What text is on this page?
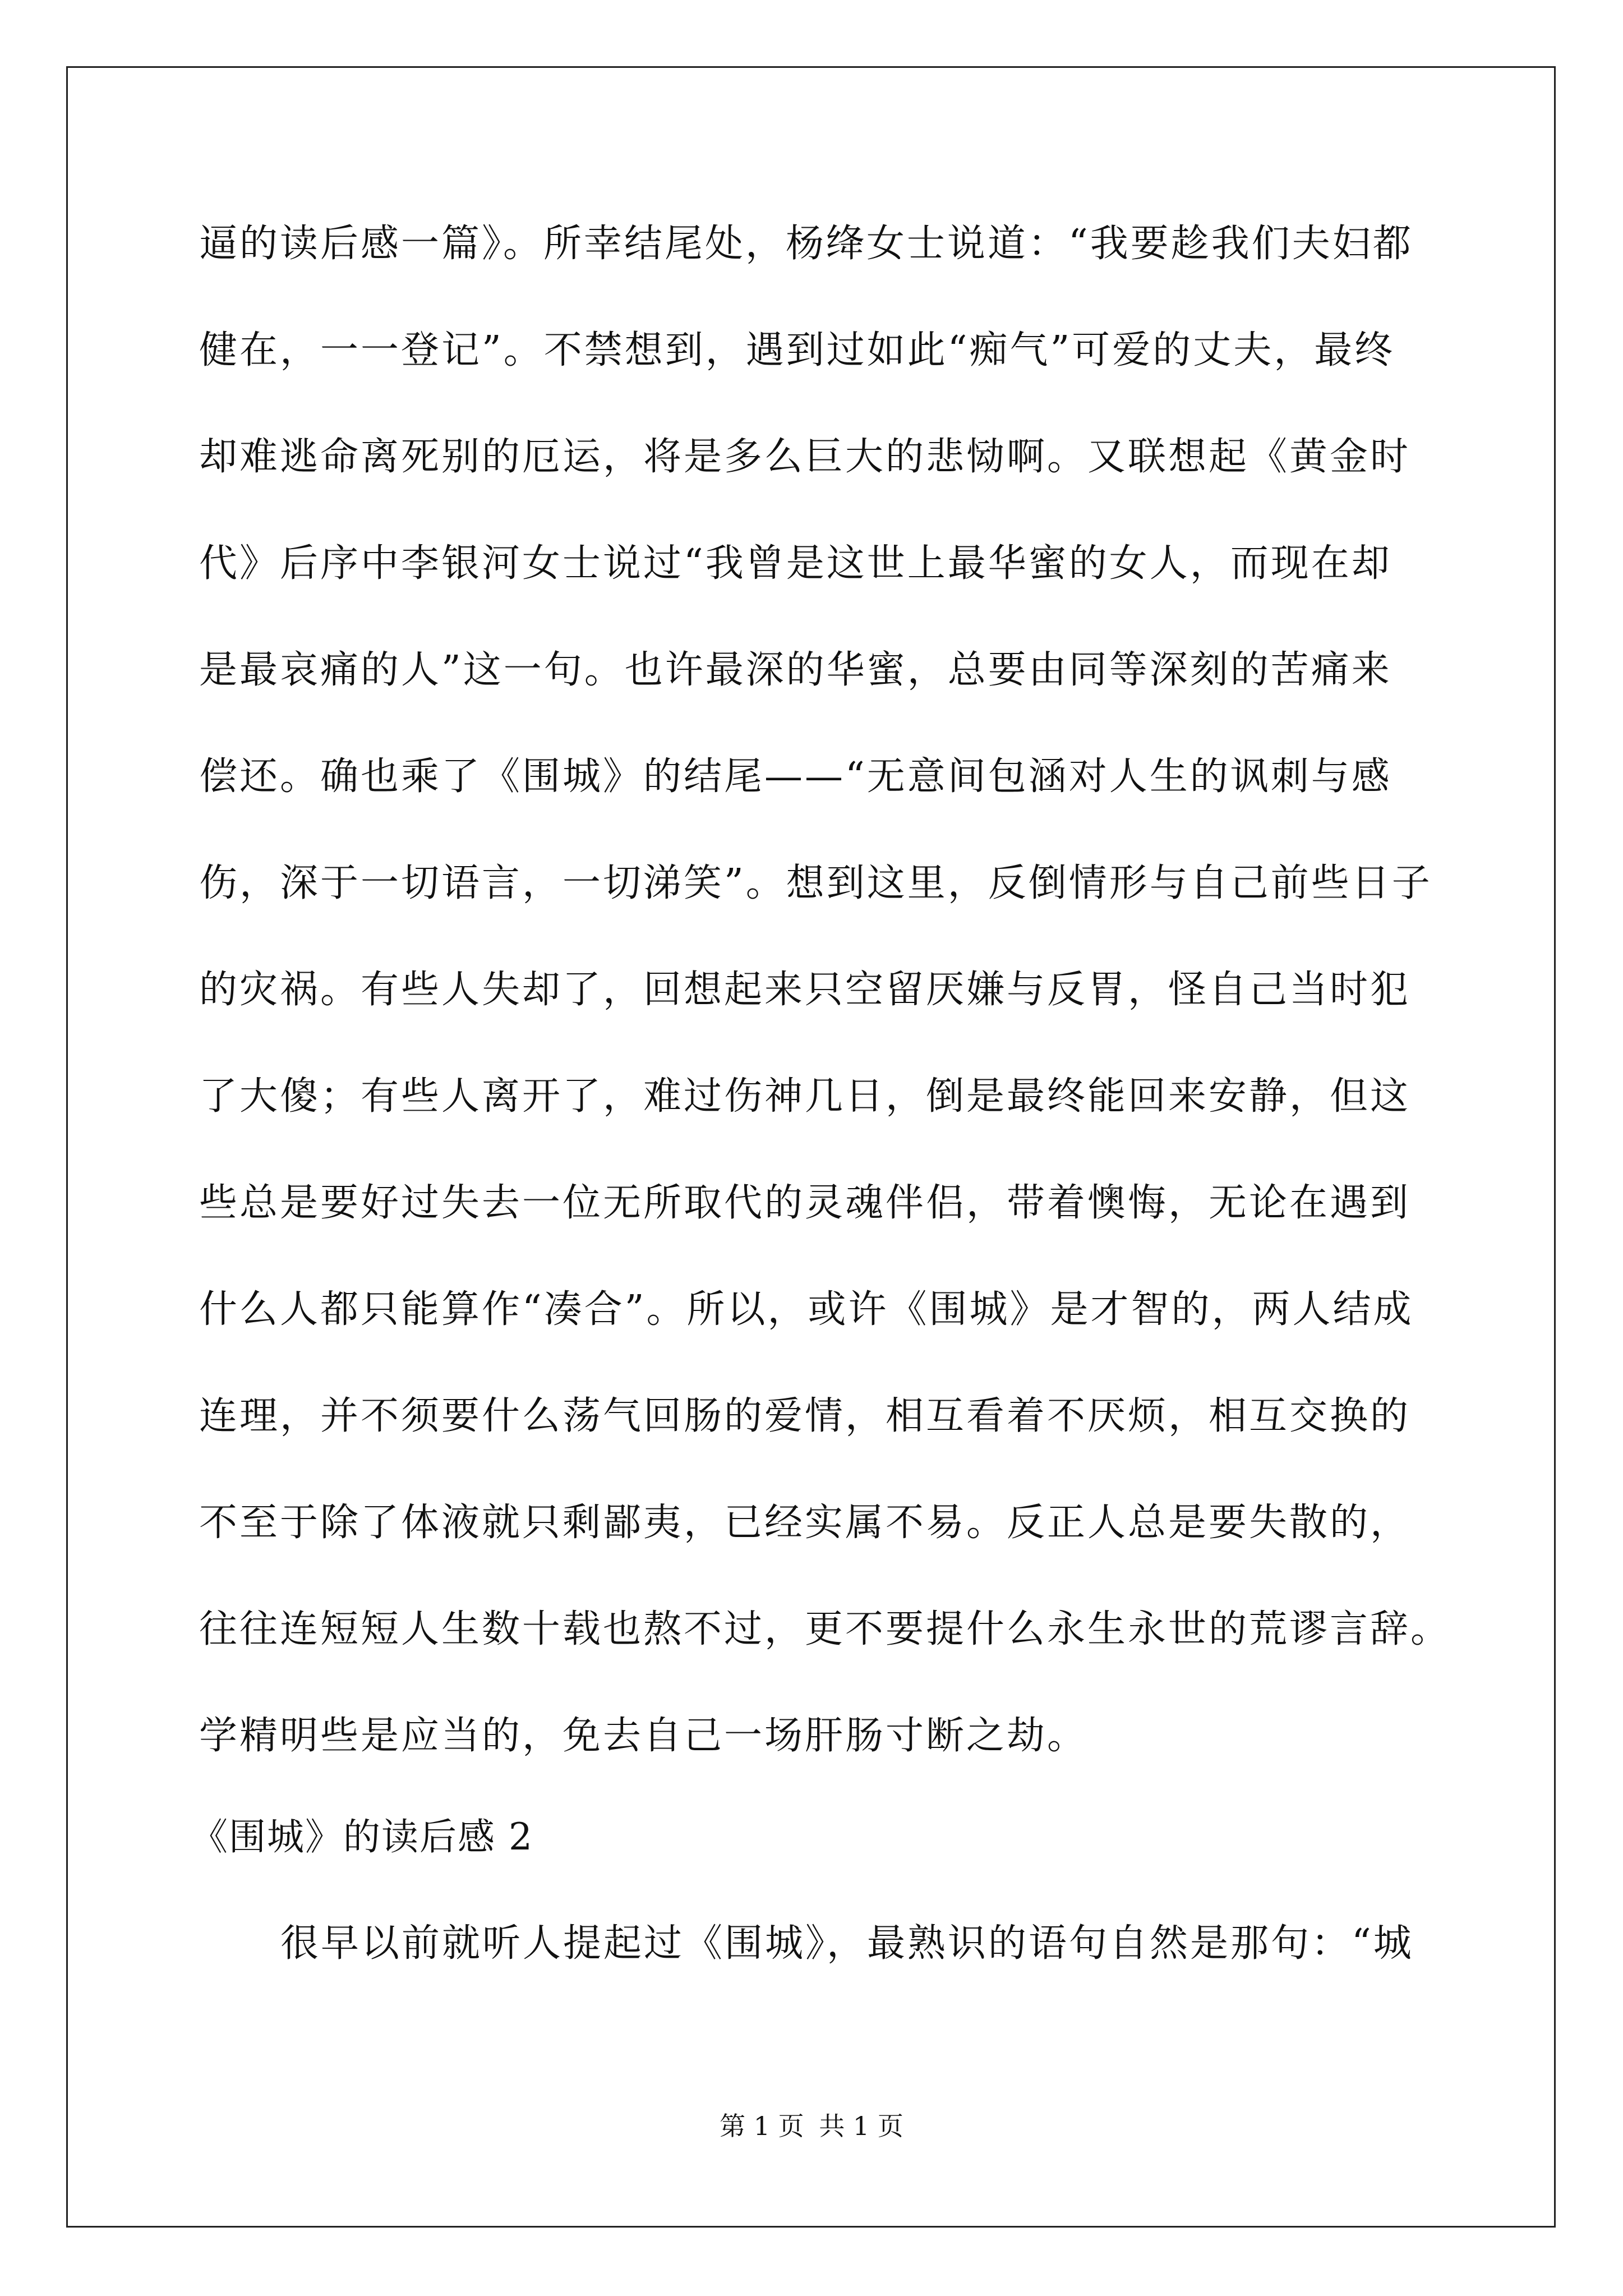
逼的读后感一篇》。所幸结尾处，杨绛女士说道：“我要趁我们夫妇都
健在，一一登记”。不禁想到，遇到过如此“痴气”可爱的丈夫，最终
却难逃命离死别的厄运，将是多么巨大的悲恸啊。又联想起《黄金时
代》后序中李银河女士说过“我曾是这世上最华蜜的女人，而现在却
是最哀痛的人”这一句。也许最深的华蜜，总要由同等深刻的苦痛来
偿还。确也乘了《围城》的结尾——“无意间包涵对人生的讽刺与感
伤，深于一切语言，一切涕笑”。想到这里，反倒情形与自己前些日子
的灾祸。有些人失却了，回想起来只空留厌嫌与反胃，怪自己当时犯
了大傻；有些人离开了，难过伤神几日，倒是最终能回来安静，但这
些总是要好过失去一位无所取代的灵魂伴侣，带着懊悔，无论在遇到
什么人都只能算作“凑合”。所以，或许《围城》是才智的，两人结成
连理，并不须要什么荡气回肠的爱情，相互看着不厌烦，相互交换的
不至于除了体液就只剩鄙夷，已经实属不易。反正人总是要失散的，
往往连短短人生数十载也熬不过，更不要提什么永生永世的荒谬言辞。
学精明些是应当的，免去自己一场肝肠寸断之劫。
《围城》的读后感 2
很早以前就听人提起过《围城》，最熟识的语句自然是那句：“城
第 1 页 共 1 页
